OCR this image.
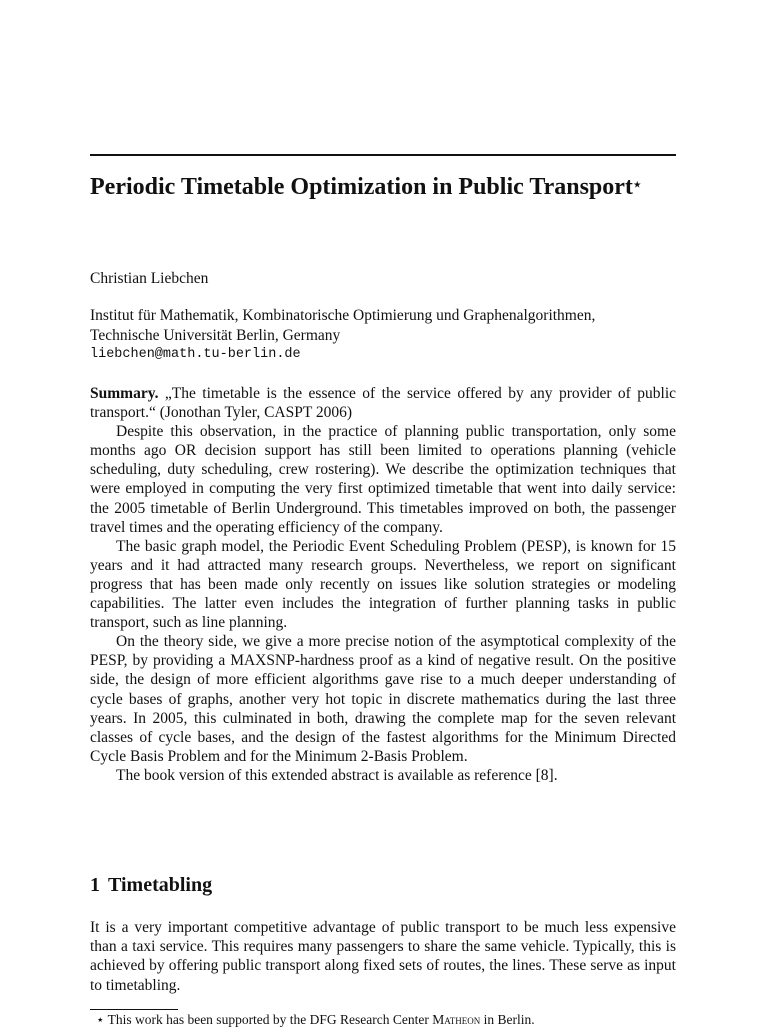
Periodic Timetable Optimization in Public Transport⋆
Christian Liebchen
Institut für Mathematik, Kombinatorische Optimierung und Graphenalgorithmen,
Technische Universität Berlin, Germany
liebchen@math.tu-berlin.de

Summary. „The timetable is the essence of the service offered by any provider of public transport.“ (Jonothan Tyler, CASPT 2006)

Despite this observation, in the practice of planning public transportation, only some months ago OR decision support has still been limited to operations planning (vehicle scheduling, duty scheduling, crew rostering). We describe the optimization techniques that were employed in computing the very first optimized timetable that went into daily service: the 2005 timetable of Berlin Underground. This timetables improved on both, the passenger travel times and the operating efficiency of the company.

The basic graph model, the Periodic Event Scheduling Problem (PESP), is known for 15 years and it had attracted many research groups. Nevertheless, we report on significant progress that has been made only recently on issues like solution strategies or modeling capabilities. The latter even includes the integration of further planning tasks in public transport, such as line planning.

On the theory side, we give a more precise notion of the asymptotical complexity of the PESP, by providing a MAXSNP-hardness proof as a kind of negative result. On the positive side, the design of more efficient algorithms gave rise to a much deeper understanding of cycle bases of graphs, another very hot topic in discrete mathematics during the last three years. In 2005, this culminated in both, drawing the complete map for the seven relevant classes of cycle bases, and the design of the fastest algorithms for the Minimum Directed Cycle Basis Problem and for the Minimum 2-Basis Problem.

The book version of this extended abstract is available as reference [8].

1 Timetabling

It is a very important competitive advantage of public transport to be much less expensive than a taxi service. This requires many passengers to share the same vehicle. Typically, this is achieved by offering public transport along fixed sets of routes, the lines. These serve as input to timetabling.

⋆ This work has been supported by the DFG Research Center Matheon in Berlin.
